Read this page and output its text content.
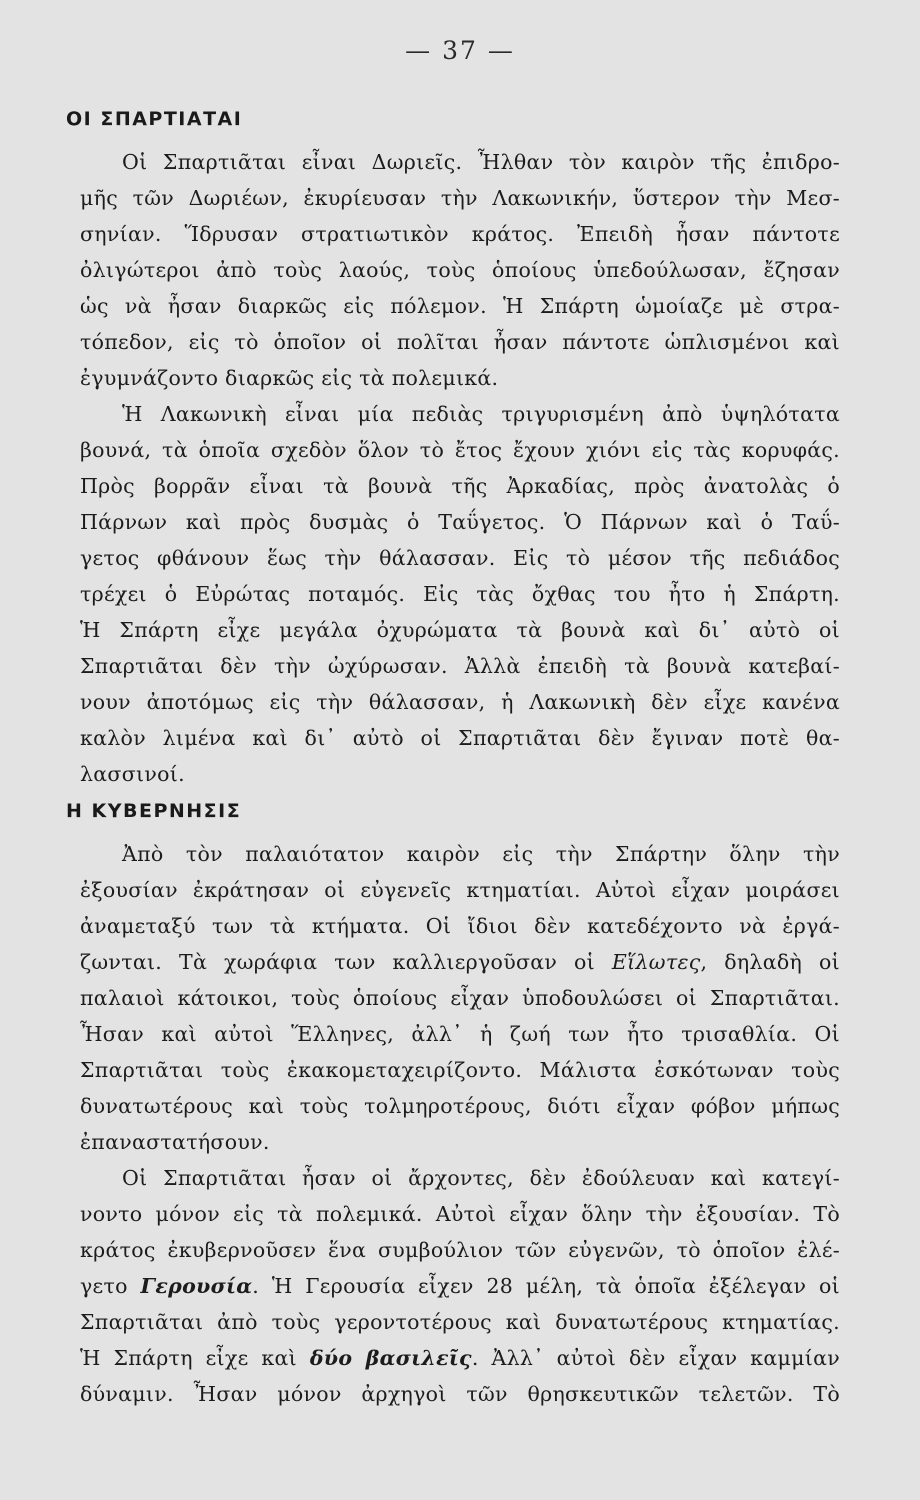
— 37 —
ΟΙ ΣΠΑΡΤΙΑΤΑΙ
Οἱ Σπαρτιᾶται εἶναι Δωριεῖς. Ἦλθαν τὸν καιρὸν τῆς ἐπιδρο-
μῆς τῶν Δωριέων, ἐκυρίευσαν τὴν Λακωνικήν, ὕστερον τὴν Μεσ-
σηνίαν. Ἵδρυσαν στρατιωτικὸν κράτος. Ἐπειδὴ ἦσαν πάντοτε
ὀλιγώτεροι ἀπὸ τοὺς λαούς, τοὺς ὁποίους ὑπεδούλωσαν, ἔζησαν
ὡς νὰ ἦσαν διαρκῶς εἰς πόλεμον. Ἡ Σπάρτη ὡμοίαζε μὲ στρα-
τόπεδον, εἰς τὸ ὁποῖον οἱ πολῖται ἦσαν πάντοτε ὡπλισμένοι καὶ
ἐγυμνάζοντο διαρκῶς εἰς τὰ πολεμικά.
Ἡ Λακωνικὴ εἶναι μία πεδιὰς τριγυρισμένη ἀπὸ ὑψηλότατα
βουνά, τὰ ὁποῖα σχεδὸν ὅλον τὸ ἔτος ἔχουν χιόνι εἰς τὰς κορυφάς.
Πρὸς βορρᾶν εἶναι τὰ βουνὰ τῆς Ἀρκαδίας, πρὸς ἀνατολὰς ὁ
Πάρνων καὶ πρὸς δυσμὰς ὁ Ταΰγετος. Ὁ Πάρνων καὶ ὁ Ταΰ-
γετος φθάνουν ἕως τὴν θάλασσαν. Εἰς τὸ μέσον τῆς πεδιάδος
τρέχει ὁ Εὐρώτας ποταμός. Εἰς τὰς ὄχθας του ἦτο ἡ Σπάρτη.
Ἡ Σπάρτη εἶχε μεγάλα ὀχυρώματα τὰ βουνὰ καὶ δι᾿ αὐτὸ οἱ
Σπαρτιᾶται δὲν τὴν ὠχύρωσαν. Ἀλλὰ ἐπειδὴ τὰ βουνὰ κατεβαί-
νουν ἀποτόμως εἰς τὴν θάλασσαν, ἡ Λακωνικὴ δὲν εἶχε κανένα
καλὸν λιμένα καὶ δι᾿ αὐτὸ οἱ Σπαρτιᾶται δὲν ἔγιναν ποτὲ θα-
λασσινοί.
Η ΚΥΒΕΡΝΗΣΙΣ
Ἀπὸ τὸν παλαιότατον καιρὸν εἰς τὴν Σπάρτην ὅλην τὴν
ἐξουσίαν ἐκράτησαν οἱ εὐγενεῖς κτηματίαι. Αὐτοὶ εἶχαν μοιράσει
ἀναμεταξύ των τὰ κτήματα. Οἱ ἴδιοι δὲν κατεδέχοντο νὰ ἐργά-
ζωνται. Τὰ χωράφια των καλλιεργοῦσαν οἱ Εἵλωτες, δηλαδὴ οἱ
παλαιοὶ κάτοικοι, τοὺς ὁποίους εἶχαν ὑποδουλώσει οἱ Σπαρτιᾶται.
Ἦσαν καὶ αὐτοὶ Ἕλληνες, ἀλλ᾿ ἡ ζωή των ἦτο τρισαθλία. Οἱ
Σπαρτιᾶται τοὺς ἐκακομεταχειρίζοντο. Μάλιστα ἐσκότωναν τοὺς
δυνατωτέρους καὶ τοὺς τολμηροτέρους, διότι εἶχαν φόβον μήπως
ἐπαναστατήσουν.
Οἱ Σπαρτιᾶται ἦσαν οἱ ἄρχοντες, δὲν ἐδούλευαν καὶ κατεγί-
νοντο μόνον εἰς τὰ πολεμικά. Αὐτοὶ εἶχαν ὅλην τὴν ἐξουσίαν. Τὸ
κράτος ἐκυβερνοῦσεν ἕνα συμβούλιον τῶν εὐγενῶν, τὸ ὁποῖον ἐλέ-
γετο Γερουσία. Ἡ Γερουσία εἶχεν 28 μέλη, τὰ ὁποῖα ἐξέλεγαν οἱ
Σπαρτιᾶται ἀπὸ τοὺς γεροντοτέρους καὶ δυνατωτέρους κτηματίας.
Ἡ Σπάρτη εἶχε καὶ δύο βασιλεῖς. Ἀλλ᾿ αὐτοὶ δὲν εἶχαν καμμίαν
δύναμιν. Ἦσαν μόνον ἀρχηγοὶ τῶν θρησκευτικῶν τελετῶν. Τὸ
